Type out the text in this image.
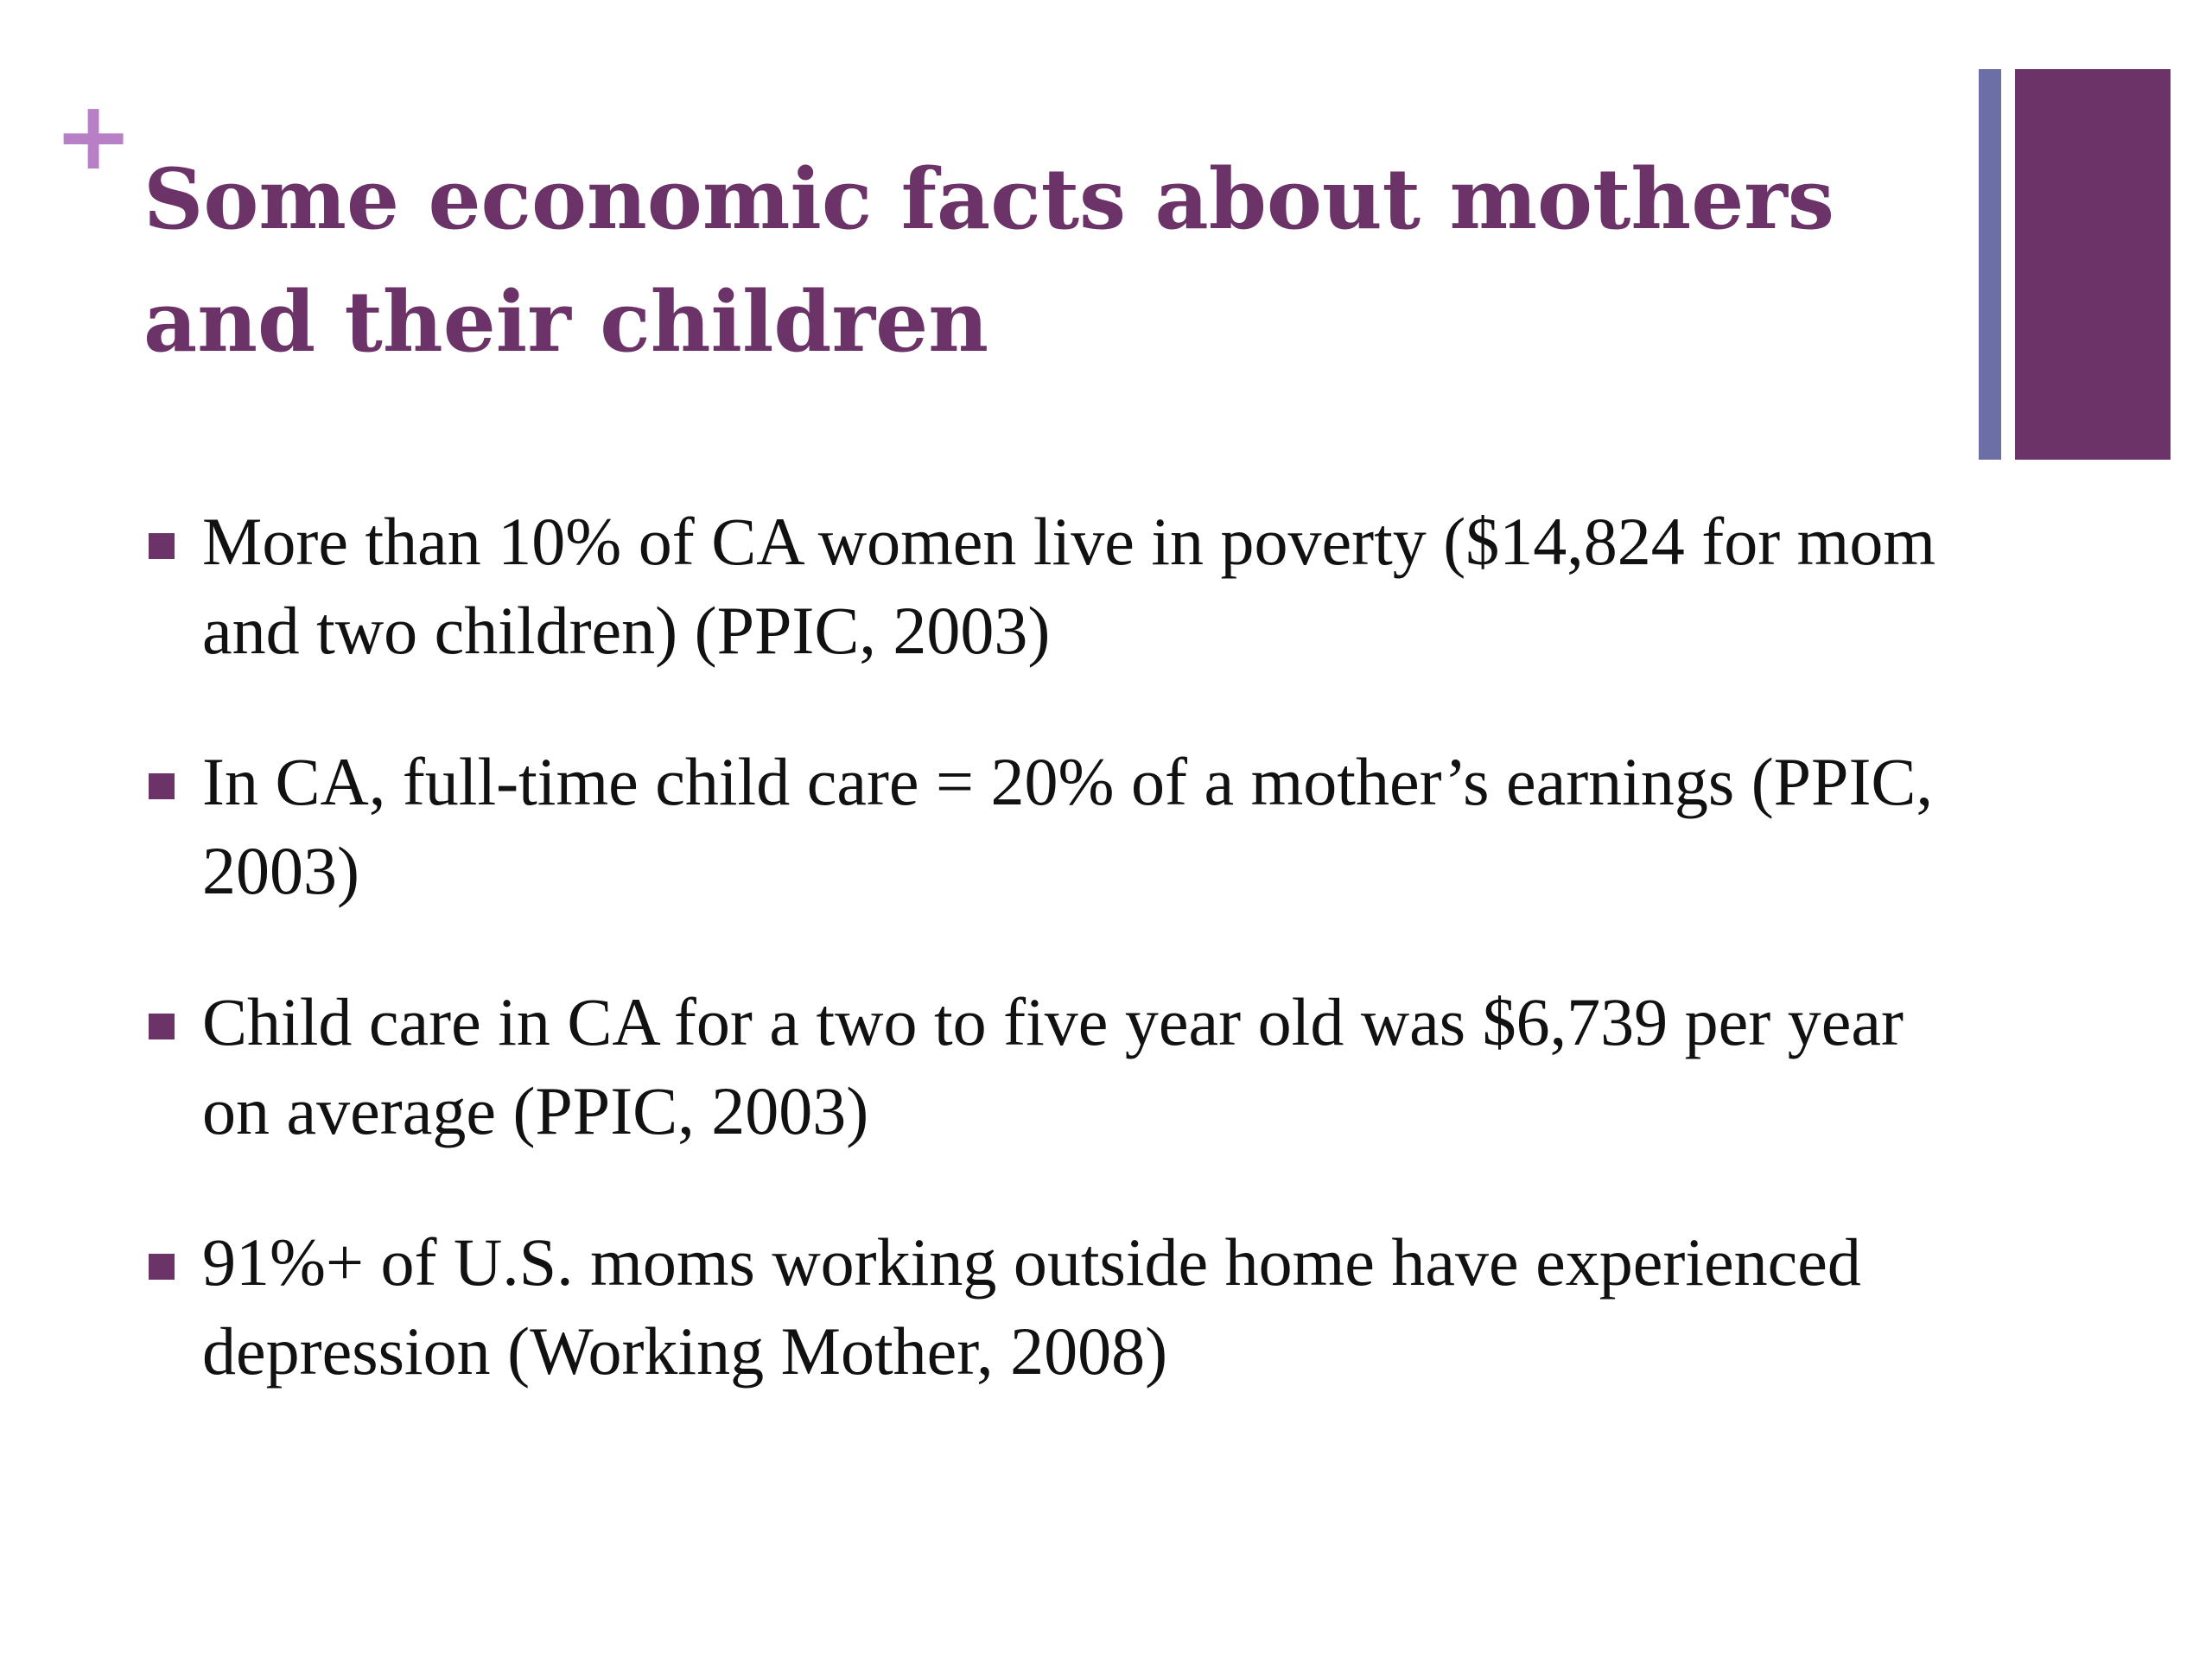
+
Some economic facts about mothers and their children
More than 10% of CA women live in poverty ($14,824 for mom and two children) (PPIC, 2003)
In CA, full-time child care = 20% of a mother’s earnings (PPIC, 2003)
Child care in CA for a two to five year old was $6,739 per year on average (PPIC, 2003)
91%+ of U.S. moms working outside home have experienced depression (Working Mother, 2008)
